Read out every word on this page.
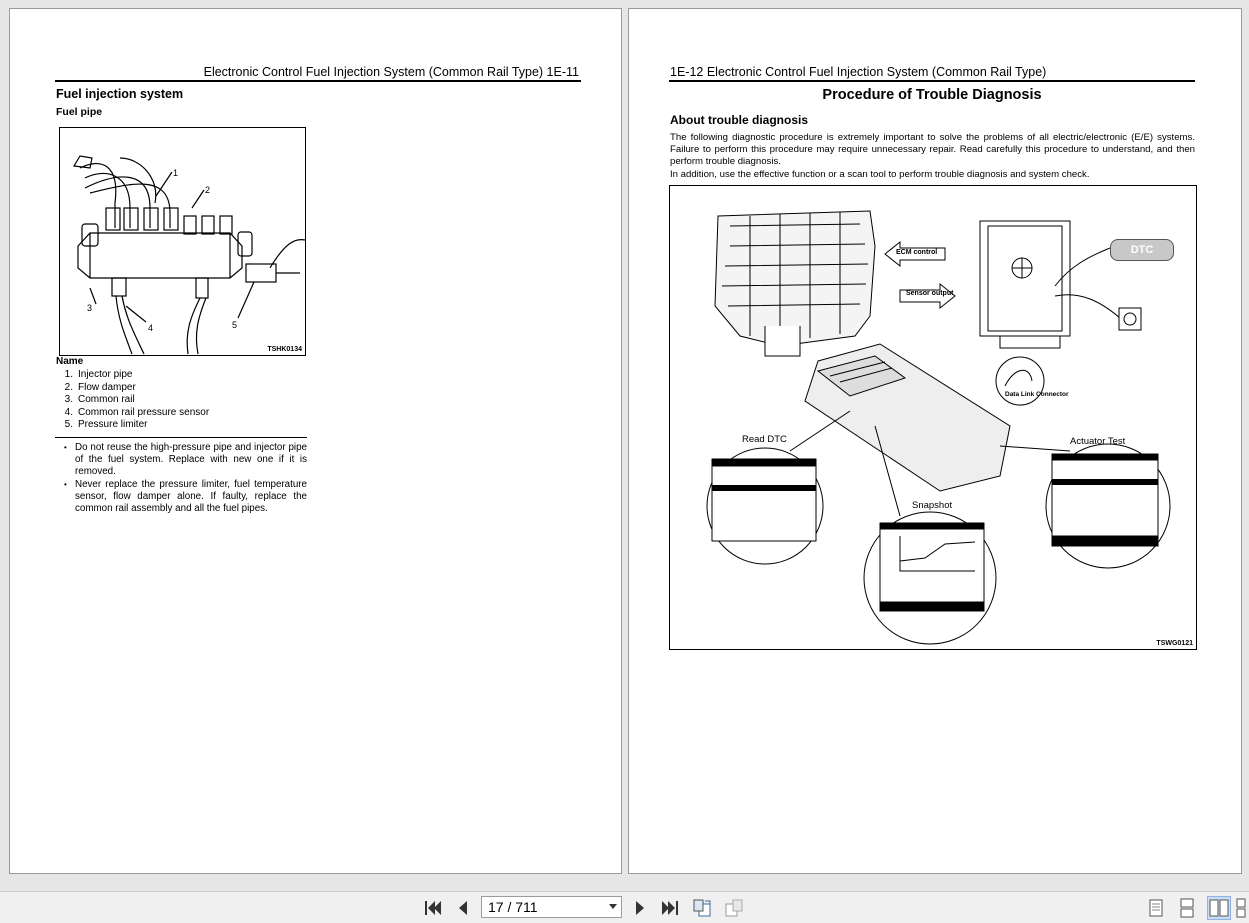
Electronic Control Fuel Injection System (Common Rail Type) 1E-11
Fuel injection system
Fuel pipe
1
2
3
4	5
TSHK0134
Name
1. Injector pipe
2. Flow damper
3. Common rail
4. Common rail pressure sensor
5. Pressure limiter
• Do not reuse the high-pressure pipe and injector pipe of the fuel system. Replace with new one if it is removed.
• Never replace the pressure limiter, fuel temperature sensor, flow damper alone. If faulty, replace the common rail assembly and all the fuel pipes.
1E-12 Electronic Control Fuel Injection System (Common Rail Type)
Procedure of Trouble Diagnosis
About trouble diagnosis

The following diagnostic procedure is extremely important to solve the problems of all electric/electronic (E/E) systems. Failure to perform this procedure may require unnecessary repair. Read carefully this procedure to understand, and then perform trouble diagnosis.

In addition, use the effective function or a scan tool to perform trouble diagnosis and system check.

ECM control
Sensor output
DTC
Data Link Connector
Read DTC
Snapshot
Actuator Test
TSWG0121
17 / 711
